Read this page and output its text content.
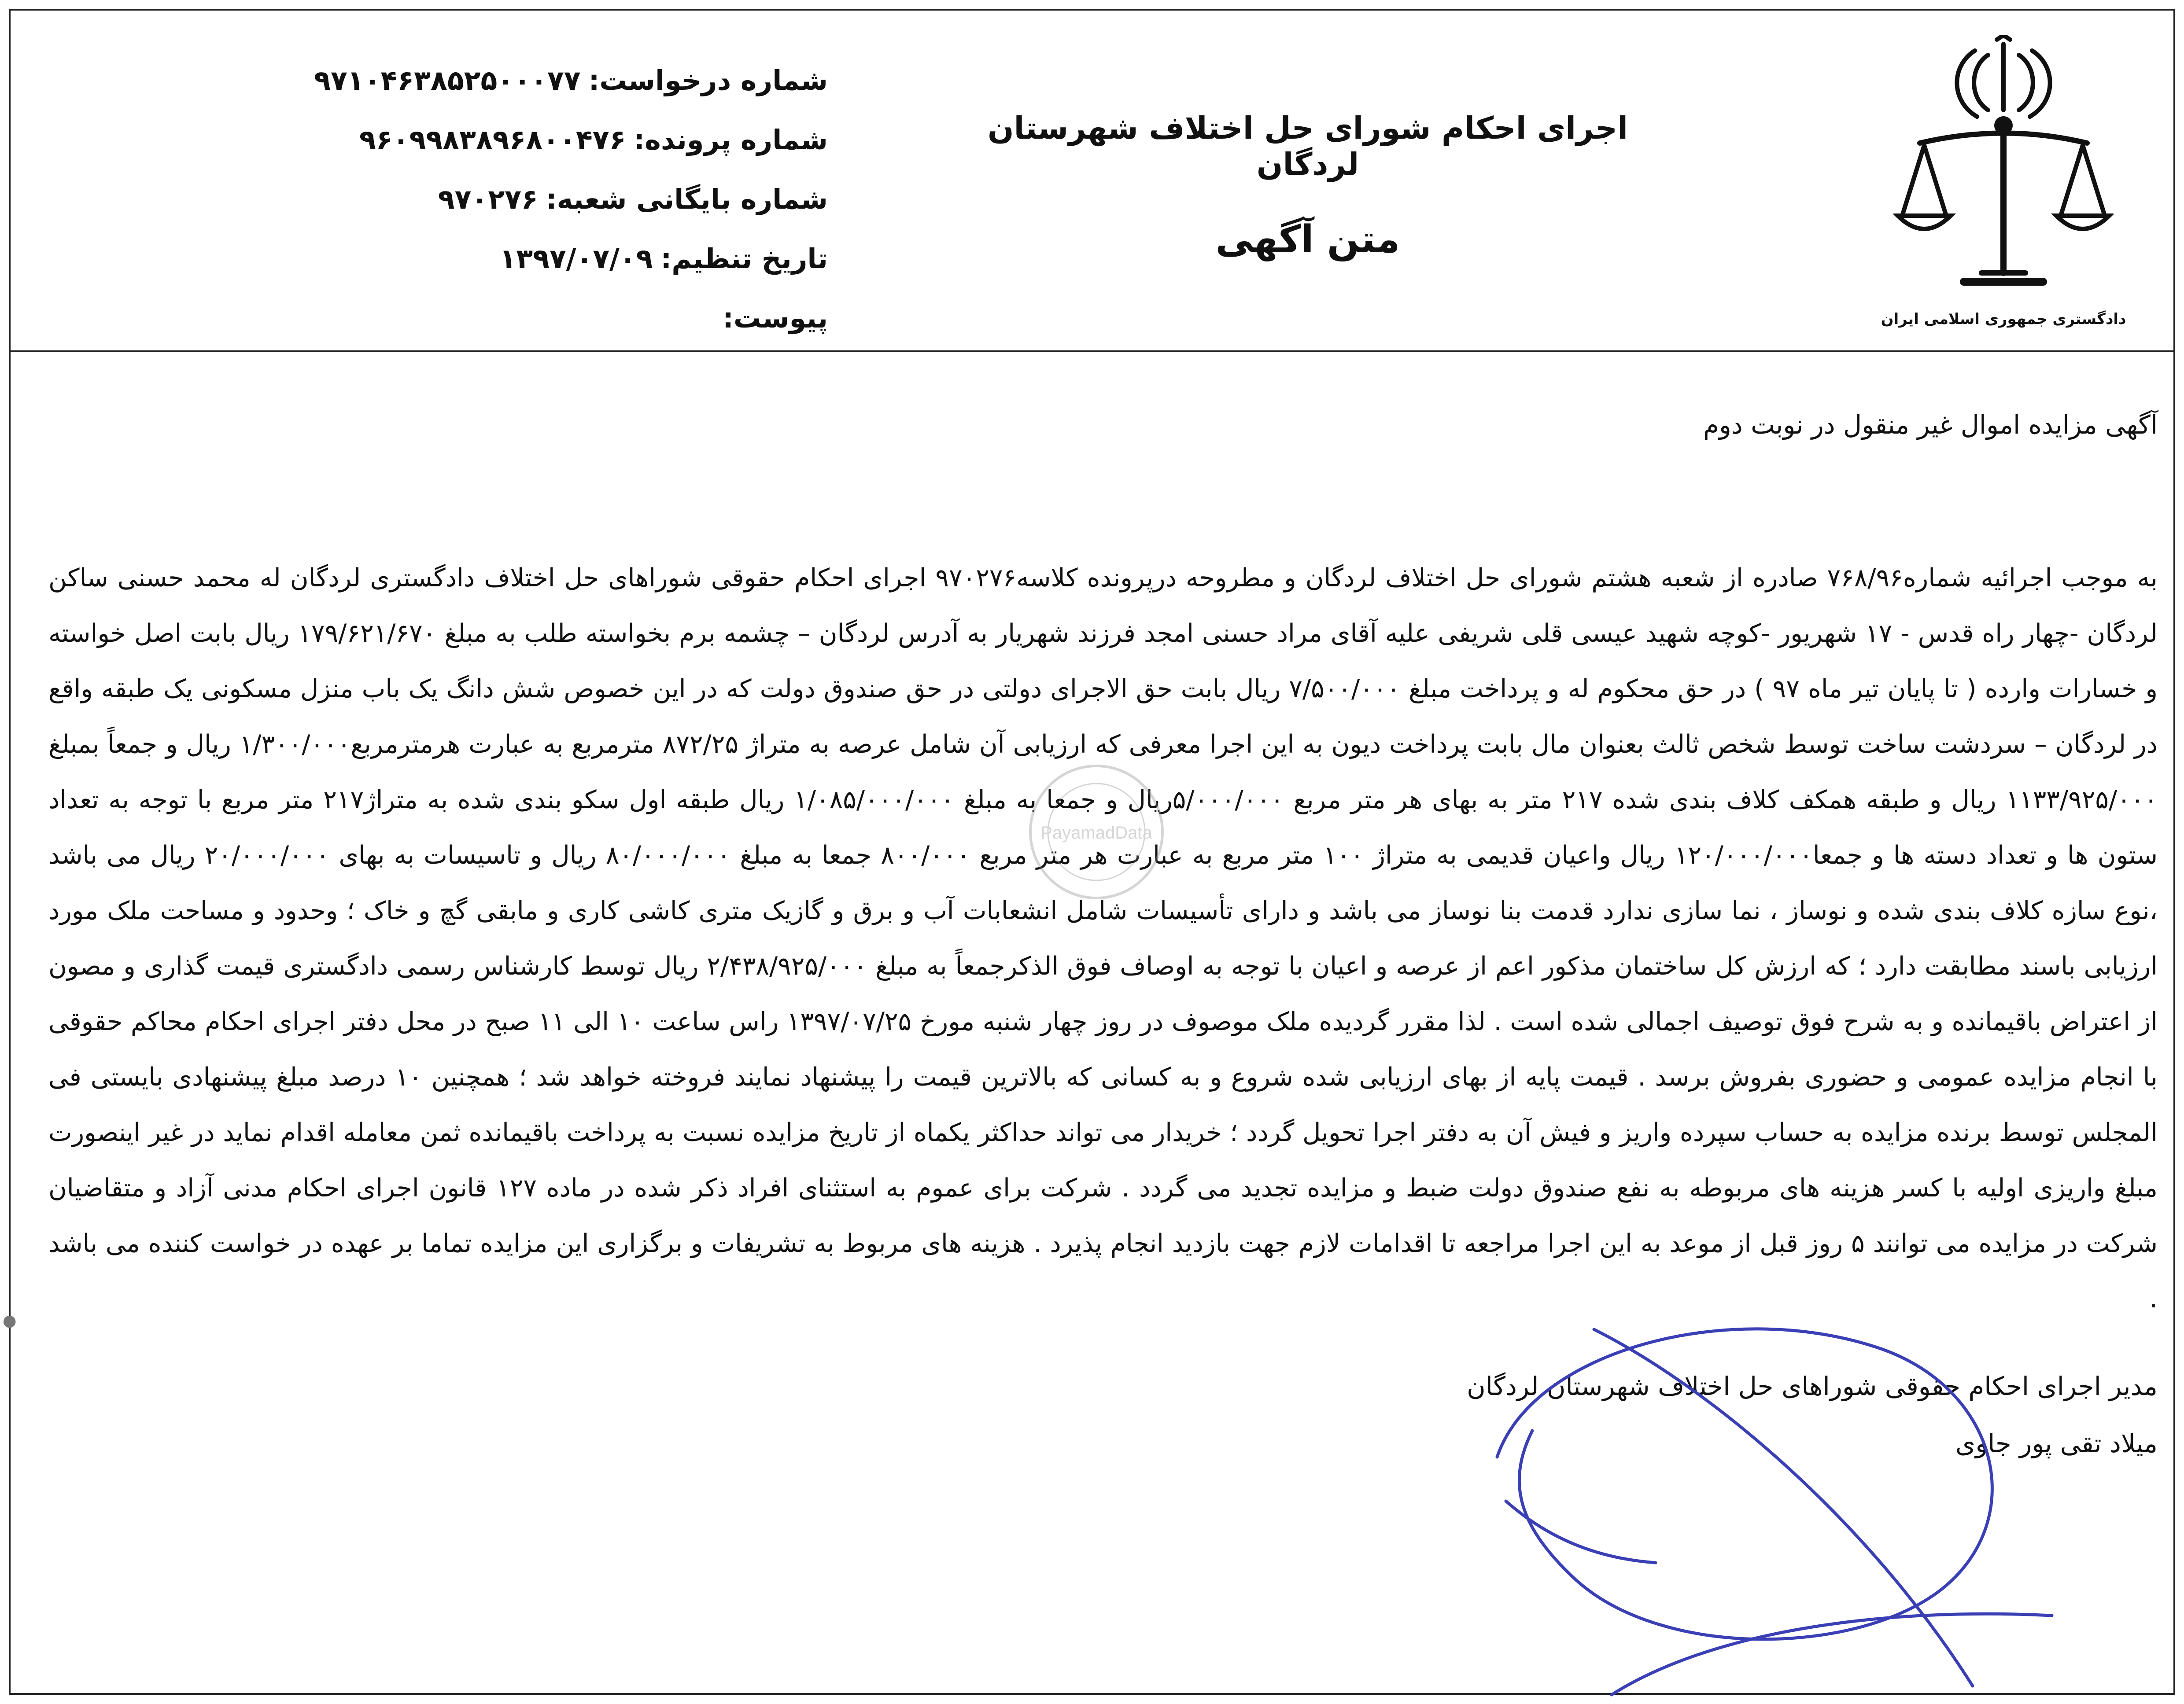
دادگستری جمهوری اسلامی ایران

اجرای احکام شورای حل اختلاف شهرستان لردگان

متن آگهی

شماره درخواست:۹۷۱۰۴۶۳۸۵۲۵۰۰۰۷۷
شماره پرونده:۹۶۰۹۹۸۳۸۹۶۸۰۰۴۷۶
شماره بایگانی شعبه:۹۷۰۲۷۶
تاریخ تنظیم:۱۳۹۷/۰۷/۰۹
پیوست:

آگهی مزایده اموال غیر منقول در نوبت دوم

به موجب اجرائیه شماره۷۶۸/۹۶ صادره از شعبه هشتم شورای حل اختلاف لردگان و مطروحه درپرونده کلاسه۹۷۰۲۷۶ اجرای احکام حقوقی شوراهای حل اختلاف دادگستری لردگان له محمد حسنی ساکن لردگان -چهار راه قدس - ۱۷ شهریور -کوچه شهید عیسی قلی شریفی علیه آقای مراد حسنی امجد فرزند شهریار به آدرس لردگان – چشمه برم بخواسته طلب به مبلغ ۱۷۹/۶۲۱/۶۷۰ ریال بابت اصل خواسته و خسارات وارده ( تا پایان تیر ماه ۹۷ ) در حق محکوم له و پرداخت مبلغ ۷/۵۰۰/۰۰۰ ریال بابت حق الاجرای دولتی در حق صندوق دولت که در این خصوص شش دانگ یک باب منزل مسکونی یک طبقه واقع در لردگان – سردشت ساخت توسط شخص ثالث بعنوان مال بابت پرداخت دیون به این اجرا معرفی که ارزیابی آن شامل عرصه به متراژ ۸۷۲/۲۵ مترمربع به عبارت هرمترمربع۱/۳۰۰/۰۰۰ ریال و جمعاً بمبلغ ۱۱۳۳/۹۲۵/۰۰۰ ریال و طبقه همکف کلاف بندی شده ۲۱۷ متر به بهای هر متر مربع ۵/۰۰۰/۰۰۰ریال و جمعا به مبلغ ۱/۰۸۵/۰۰۰/۰۰۰ ریال طبقه اول سکو بندی شده به متراژ۲۱۷ متر مربع با توجه به تعداد ستون ها و تعداد دسته ها و جمعا۱۲۰/۰۰۰/۰۰۰ ریال واعیان قدیمی به متراژ ۱۰۰ متر مربع به عبارت هر متر مربع ۸۰۰/۰۰۰ جمعا به مبلغ ۸۰/۰۰۰/۰۰۰ ریال و تاسیسات به بهای ۲۰/۰۰۰/۰۰۰ ریال می باشد ،نوع سازه کلاف بندی شده و نوساز ، نما سازی ندارد قدمت بنا نوساز می باشد و دارای تأسیسات شامل انشعابات آب و برق و گازیک متری کاشی کاری و مابقی گچ و خاک ؛ وحدود و مساحت ملک مورد ارزیابی باسند مطابقت دارد ؛ که ارزش کل ساختمان مذکور اعم از عرصه و اعیان با توجه به اوصاف فوق الذکرجمعاً به مبلغ ۲/۴۳۸/۹۲۵/۰۰۰ ریال توسط کارشناس رسمی دادگستری قیمت گذاری و مصون از اعتراض باقیمانده و به شرح فوق توصیف اجمالی شده است . لذا مقرر گردیده ملک موصوف در روز چهار شنبه مورخ ۱۳۹۷/۰۷/۲۵ راس ساعت ۱۰ الی ۱۱ صبح در محل دفتر اجرای احکام محاکم حقوقی با انجام مزایده عمومی و حضوری بفروش برسد . قیمت پایه از بهای ارزیابی شده شروع و به کسانی که بالاترین قیمت را پیشنهاد نمایند فروخته خواهد شد ؛ همچنین ۱۰ درصد مبلغ پیشنهادی بایستی فی المجلس توسط برنده مزایده به حساب سپرده واریز و فیش آن به دفتر اجرا تحویل گردد ؛ خریدار می تواند حداکثر یکماه از تاریخ مزایده نسبت به پرداخت باقیمانده ثمن معامله اقدام نماید در غیر اینصورت مبلغ واریزی اولیه با کسر هزینه های مربوطه به نفع صندوق دولت ضبط و مزایده تجدید می گردد . شرکت برای عموم به استثنای افراد ذکر شده در ماده ۱۲۷ قانون اجرای احکام مدنی آزاد و متقاضیان شرکت در مزایده می توانند ۵ روز قبل از موعد به این اجرا مراجعه تا اقدامات لازم جهت بازدید انجام پذیرد . هزینه های مربوط به تشریفات و برگزاری این مزایده تماما بر عهده در خواست کننده می باشد .

مدیر اجرای احکام حقوقی شوراهای حل اختلاف شهرستان لردگان
میلاد تقی پور جاوی
PayamadData
●
